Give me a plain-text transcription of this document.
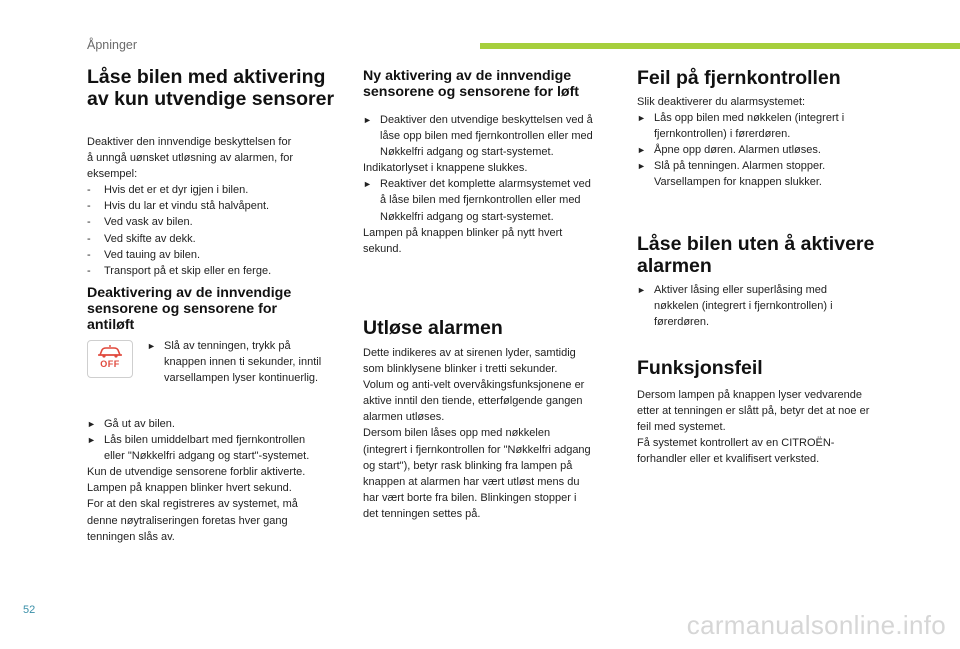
Åpninger
Låse bilen med aktivering
av kun utvendige sensorer
Deaktiver den innvendige beskyttelsen for
å unngå uønsket utløsning av alarmen, for
eksempel:
- Hvis det er et dyr igjen i bilen.
- Hvis du lar et vindu stå halvåpent.
- Ved vask av bilen.
- Ved skifte av dekk.
- Ved tauing av bilen.
- Transport på et skip eller en ferge.
Deaktivering av de innvendige
sensorene og sensorene for
antiløft
OFF
► Slå av tenningen, trykk på
knappen innen ti sekunder, inntil
varsellampen lyser kontinuerlig.
► Gå ut av bilen.
► Lås bilen umiddelbart med fjernkontrollen
eller "Nøkkelfri adgang og start"-systemet.
Kun de utvendige sensorene forblir aktiverte.
Lampen på knappen blinker hvert sekund.
For at den skal registreres av systemet, må
denne nøytraliseringen foretas hver gang
tenningen slås av.
Ny aktivering av de innvendige
sensorene og sensorene for løft
► Deaktiver den utvendige beskyttelsen ved å
låse opp bilen med fjernkontrollen eller med
Nøkkelfri adgang og start-systemet.
Indikatorlyset i knappene slukkes.
► Reaktiver det komplette alarmsystemet ved
å låse bilen med fjernkontrollen eller med
Nøkkelfri adgang og start-systemet.
Lampen på knappen blinker på nytt hvert
sekund.
Utløse alarmen
Dette indikeres av at sirenen lyder, samtidig
som blinklysene blinker i tretti sekunder.
Volum og anti-velt overvåkingsfunksjonene er
aktive inntil den tiende, etterfølgende gangen
alarmen utløses.
Dersom bilen låses opp med nøkkelen
(integrert i fjernkontrollen for "Nøkkelfri adgang
og start"), betyr rask blinking fra lampen på
knappen at alarmen har vært utløst mens du
har vært borte fra bilen. Blinkingen stopper i
det tenningen settes på.
Feil på fjernkontrollen
Slik deaktiverer du alarmsystemet:
► Lås opp bilen med nøkkelen (integrert i
fjernkontrollen) i førerdøren.
► Åpne opp døren. Alarmen utløses.
► Slå på tenningen. Alarmen stopper.
Varsellampen for knappen slukker.
Låse bilen uten å aktivere
alarmen
► Aktiver låsing eller superlåsing med
nøkkelen (integrert i fjernkontrollen) i
førerdøren.
Funksjonsfeil
Dersom lampen på knappen lyser vedvarende
etter at tenningen er slått på, betyr det at noe er
feil med systemet.
Få systemet kontrollert av en CITROËN-
forhandler eller et kvalifisert verksted.
52	carmanualsonline.info
